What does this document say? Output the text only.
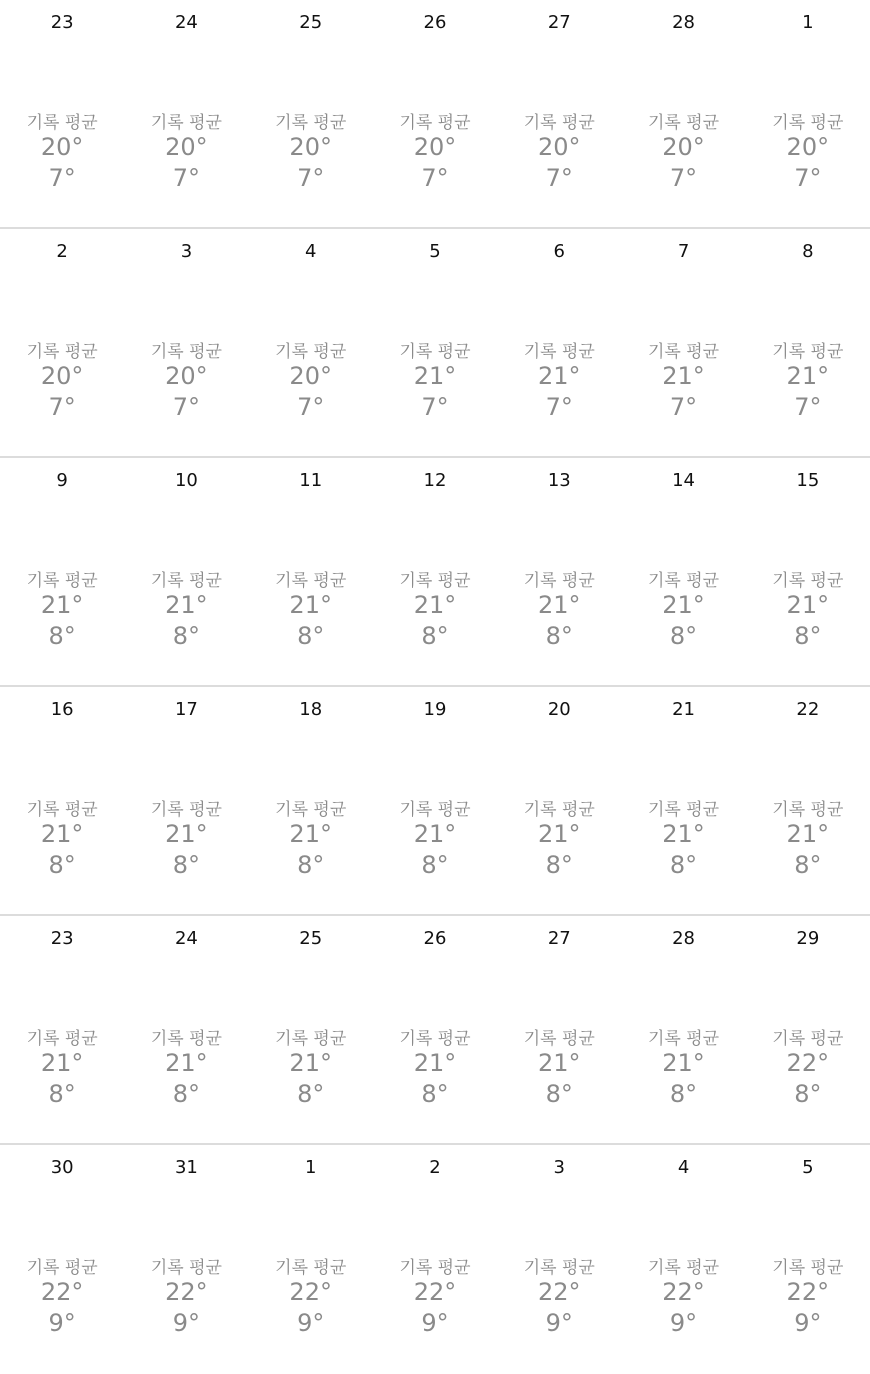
23
기록 평균
20°
7°
24
기록 평균
20°
7°
25
기록 평균
20°
7°
26
기록 평균
20°
7°
27
기록 평균
20°
7°
28
기록 평균
20°
7°
1
기록 평균
20°
7°
2
기록 평균
20°
7°
3
기록 평균
20°
7°
4
기록 평균
20°
7°
5
기록 평균
21°
7°
6
기록 평균
21°
7°
7
기록 평균
21°
7°
8
기록 평균
21°
7°
9
기록 평균
21°
8°
10
기록 평균
21°
8°
11
기록 평균
21°
8°
12
기록 평균
21°
8°
13
기록 평균
21°
8°
14
기록 평균
21°
8°
15
기록 평균
21°
8°
16
기록 평균
21°
8°
17
기록 평균
21°
8°
18
기록 평균
21°
8°
19
기록 평균
21°
8°
20
기록 평균
21°
8°
21
기록 평균
21°
8°
22
기록 평균
21°
8°
23
기록 평균
21°
8°
24
기록 평균
21°
8°
25
기록 평균
21°
8°
26
기록 평균
21°
8°
27
기록 평균
21°
8°
28
기록 평균
21°
8°
29
기록 평균
22°
8°
30
기록 평균
22°
9°
31
기록 평균
22°
9°
1
기록 평균
22°
9°
2
기록 평균
22°
9°
3
기록 평균
22°
9°
4
기록 평균
22°
9°
5
기록 평균
22°
9°
